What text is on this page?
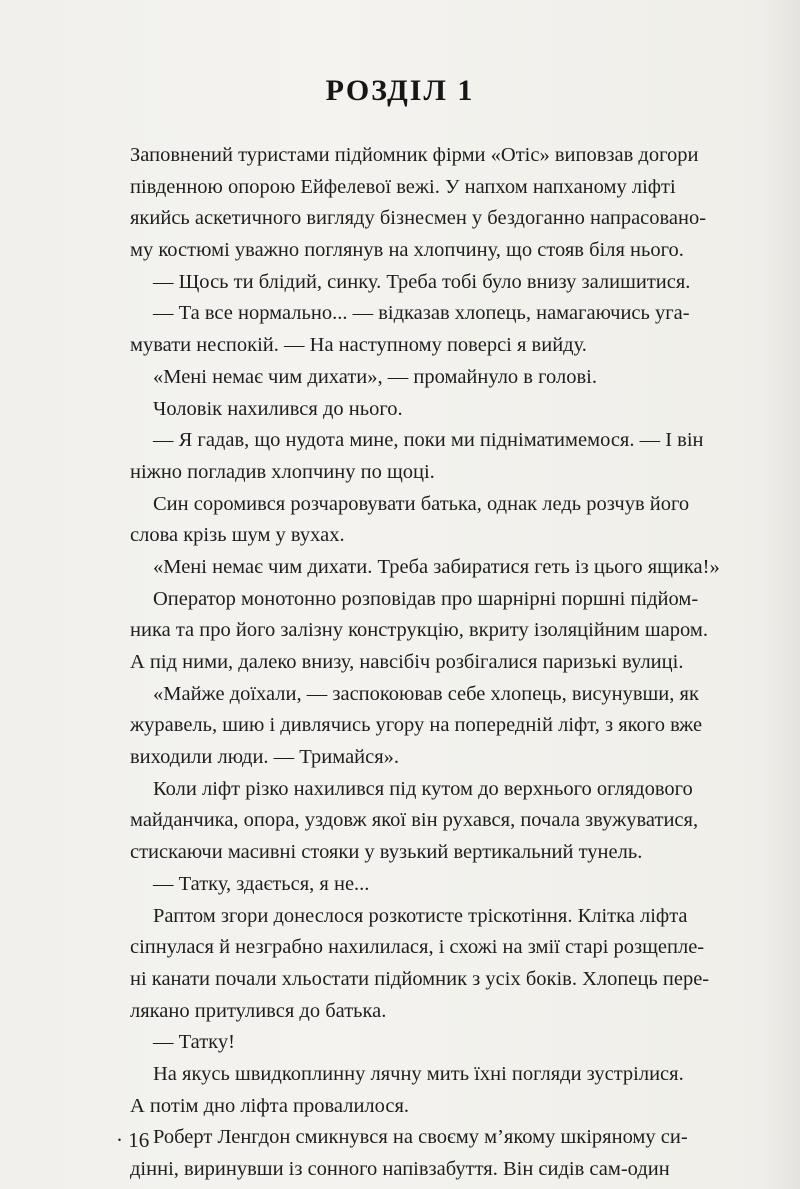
РОЗДІЛ 1
Заповнений туристами підйомник фірми «Отіс» виповзав догори
південною опорою Ейфелевої вежі. У напхом напханому ліфті
якийсь аскетичного вигляду бізнесмен у бездоганно напрасовано-
му костюмі уважно поглянув на хлопчину, що стояв біля нього.
— Щось ти блідий, синку. Треба тобі було внизу залишитися.
— Та все нормально... — відказав хлопець, намагаючись уга-
мувати неспокій. — На наступному поверсі я вийду.
«Мені немає чим дихати», — промайнуло в голові.
Чоловік нахилився до нього.
— Я гадав, що нудота мине, поки ми підніматимемося. — І він
ніжно погладив хлопчину по щоці.
Син соромився розчаровувати батька, однак ледь розчув його
слова крізь шум у вухах.
«Мені немає чим дихати. Треба забиратися геть із цього ящика!»
Оператор монотонно розповідав про шарнірні поршні підйом-
ника та про його залізну конструкцію, вкриту ізоляційним шаром.
А під ними, далеко внизу, навсібіч розбігалися паризькі вулиці.
«Майже доїхали, — заспокоював себе хлопець, висунувши, як
журавель, шию і дивлячись угору на попередній ліфт, з якого вже
виходили люди. — Тримайся».
Коли ліфт різко нахилився під кутом до верхнього оглядового
майданчика, опора, уздовж якої він рухався, почала звужуватися,
стискаючи масивні стояки у вузький вертикальний тунель.
— Татку, здається, я не...
Раптом згори донеслося розкотисте тріскотіння. Клітка ліфта
сіпнулася й незграбно нахилилася, і схожі на змії старі розщепле-
ні канати почали хльостати підйомник з усіх боків. Хлопець пере-
лякано притулився до батька.
— Татку!
На якусь швидкоплинну лячну мить їхні погляди зустрілися.
А потім дно ліфта провалилося.
Роберт Ленгдон смикнувся на своєму м’якому шкіряному си-
дінні, виринувши із сонного напівзабуття. Він сидів сам-один
· 16
